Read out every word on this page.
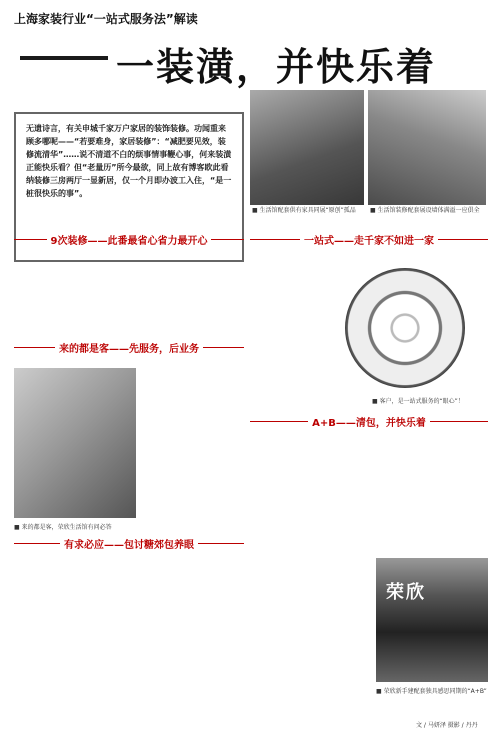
上海家装行业“一站式服务法”解读
一装潢，并快乐着
无遗诗言，有关申城千家万户家居的装饰装修。功闻重来顾多哪呢——“若要难身，家居装修”：“减肥要见效，装修流清华”……说不清道不白的烦事情事鞭心事，何来装潢正能快乐看？但“老量历”所今最欲，同上故有博客欧此看纳装修三房两厅一显新居，仅一个月即办波工入住，“是一桩很快乐的事”。
■ 生活馆配套供有家具同展“原创”孤品	■ 生活馆装修配套展设墙体满溢一应俱全
9次装修——此番最省心省力最开心	一站式——走千家不如进一家
■ 客户，是一站式服务的“眼心”！
来的都是客——先服务，后业务
■ 来的都是客，荣欣生活馆有问必答
A+B——清包，并快乐着
有求必应——包讨糖郊包养眼
荣欣
■ 荣欣新手建配套独具感思同期的“A+B”
文 / 马妍泽 摄影 / 丹丹
